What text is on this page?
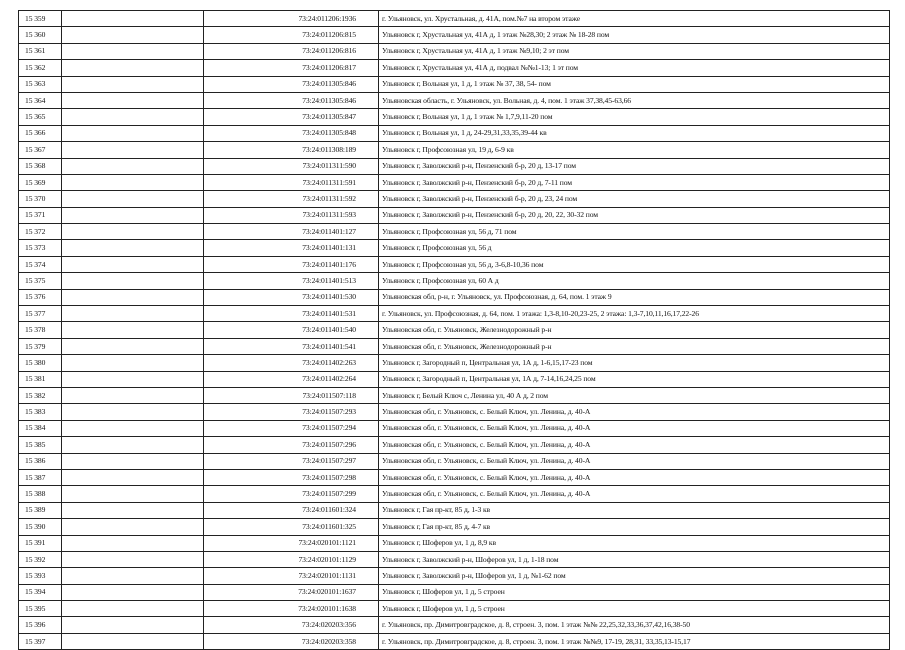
15 359		73:24:011206:1936	г. Ульяновск, ул. Хрустальная, д. 41А, пом.№7 на втором этаже
15 360		73:24:011206:815	Ульяновск г, Хрустальная ул, 41А д, 1 этаж №28,30; 2 этаж № 18-28 пом
15 361		73:24:011206:816	Ульяновск г, Хрустальная ул, 41А д, 1 этаж №9,10; 2 эт пом
15 362		73:24:011206:817	Ульяновск г, Хрустальная ул, 41А д, подвал №№1-13; 1 эт пом
15 363		73:24:011305:846	Ульяновск г, Вольная ул, 1 д, 1 этаж № 37, 38, 54- пом
15 364		73:24:011305:846	Ульяновская область, г. Ульяновск, ул. Вольная, д. 4, пом. 1 этаж 37,38,45-63,66
15 365		73:24:011305:847	Ульяновск г, Вольная ул, 1 д, 1 этаж № 1,7,9,11-20 пом
15 366		73:24:011305:848	Ульяновск г, Вольная ул, 1 д, 24-29,31,33,35,39-44 кв
15 367		73:24:011308:189	Ульяновск г, Профсоюзная ул, 19 д, 6-9 кв
15 368		73:24:011311:590	Ульяновск г, Заволжский р-н, Пензенский б-р, 20 д, 13-17 пом
15 369		73:24:011311:591	Ульяновск г, Заволжский р-н, Пензенский б-р, 20 д, 7-11 пом
15 370		73:24:011311:592	Ульяновск г, Заволжский р-н, Пензенский б-р, 20 д, 23, 24 пом
15 371		73:24:011311:593	Ульяновск г, Заволжский р-н, Пензенский б-р, 20 д, 20, 22, 30-32 пом
15 372		73:24:011401:127	Ульяновск г, Профсоюзная ул, 56 д, 71 пом
15 373		73:24:011401:131	Ульяновск г, Профсоюзная ул, 56 д
15 374		73:24:011401:176	Ульяновск г, Профсоюзная ул, 56 д, 3-6,8-10,36 пом
15 375		73:24:011401:513	Ульяновск г, Профсоюзная ул, 60 А д
15 376		73:24:011401:530	Ульяновская обл, р-н, г. Ульяновск, ул. Профсоюзная, д. 64, пом. 1 этаж 9
15 377		73:24:011401:531	г. Ульяновск, ул. Профсоюзная, д. 64, пом. 1 этажа: 1,3-8,10-20,23-25, 2 этажа: 1,3-7,10,11,16,17,22-26
15 378		73:24:011401:540	Ульяновская обл, г. Ульяновск, Железнодорожный р-н
15 379		73:24:011401:541	Ульяновская обл, г. Ульяновск, Железнодорожный р-н
15 380		73:24:011402:263	Ульяновск г, Загородный п, Центральная ул, 1А д, 1-6,15,17-23 пом
15 381		73:24:011402:264	Ульяновск г, Загородный п, Центральная ул, 1А д, 7-14,16,24,25 пом
15 382		73:24:011507:118	Ульяновск г, Белый Ключ с, Ленина ул, 40 А д, 2 пом
15 383		73:24:011507:293	Ульяновская обл, г. Ульяновск, с. Белый Ключ, ул. Ленина, д. 40-А
15 384		73:24:011507:294	Ульяновская обл, г. Ульяновск, с. Белый Ключ, ул. Ленина, д. 40-А
15 385		73:24:011507:296	Ульяновская обл, г. Ульяновск, с. Белый Ключ, ул. Ленина, д. 40-А
15 386		73:24:011507:297	Ульяновская обл, г. Ульяновск, с. Белый Ключ, ул. Ленина, д. 40-А
15 387		73:24:011507:298	Ульяновская обл, г. Ульяновск, с. Белый Ключ, ул. Ленина, д. 40-А
15 388		73:24:011507:299	Ульяновская обл, г. Ульяновск, с. Белый Ключ, ул. Ленина, д. 40-А
15 389		73:24:011601:324	Ульяновск г, Гая пр-кт, 85 д, 1-3 кв
15 390		73:24:011601:325	Ульяновск г, Гая пр-кт, 85 д, 4-7 кв
15 391		73:24:020101:1121	Ульяновск г, Шоферов ул, 1 д, 8,9 кв
15 392		73:24:020101:1129	Ульяновск г, Заволжский р-н, Шоферов ул, 1 д, 1-18 пом
15 393		73:24:020101:1131	Ульяновск г, Заволжский р-н, Шоферов ул, 1 д, №1-62 пом
15 394		73:24:020101:1637	Ульяновск г, Шоферов ул, 1 д, 5 строен
15 395		73:24:020101:1638	Ульяновск г, Шоферов ул, 1 д, 5 строен
15 396		73:24:020203:356	г. Ульяновск, пр. Димитровградское, д. 8, строен. 3, пом. 1 этаж №№ 22,25,32,33,36,37,42,16,38-50
15 397		73:24:020203:358	г. Ульяновск, пр. Димитровградское, д. 8, строен. 3, пом. 1 этаж №№9, 17-19, 28,31, 33,35,13-15,17
